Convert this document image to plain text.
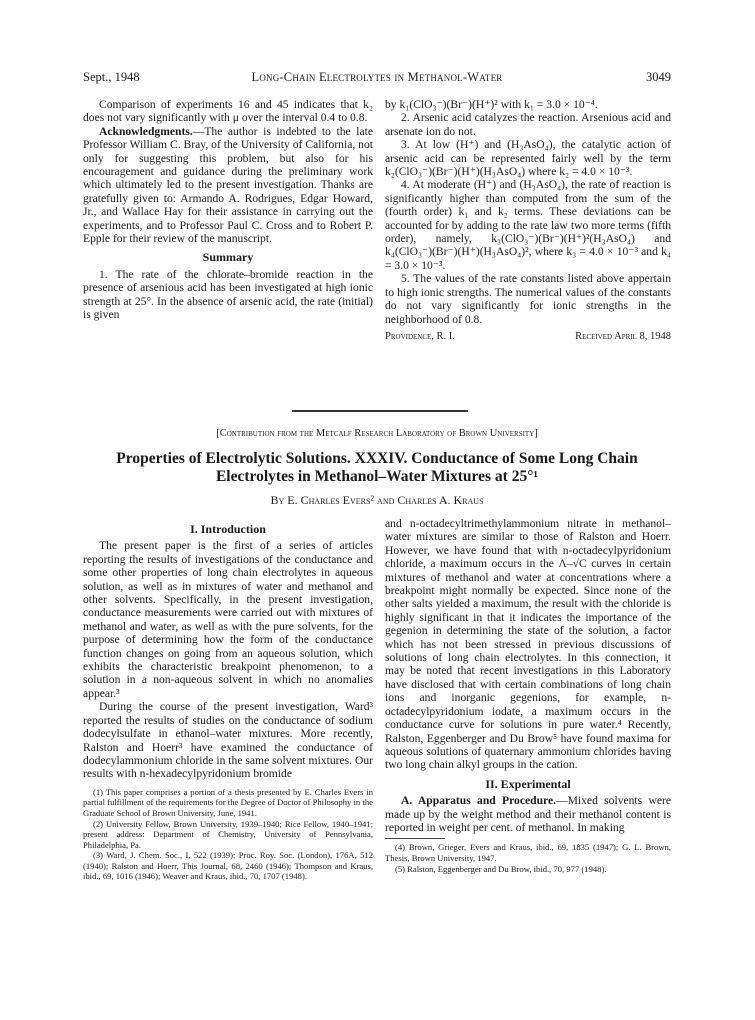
Sept., 1948	Long-Chain Electrolytes in Methanol-Water	3049

Comparison of experiments 16 and 45 indicates that k₂ does not vary significantly with μ over the interval 0.4 to 0.8.

Acknowledgments.—The author is indebted to the late Professor William C. Bray, of the University of California, not only for suggesting this problem, but also for his encouragement and guidance during the preliminary work which ultimately led to the present investigation. Thanks are gratefully given to: Armando A. Rodrigues, Edgar Howard, Jr., and Wallace Hay for their assistance in carrying out the experiments, and to Professor Paul C. Cross and to Robert P. Epple for their review of the manuscript.

Summary

1. The rate of the chlorate–bromide reaction in the presence of arsenious acid has been investigated at high ionic strength at 25°. In the absence of arsenic acid, the rate (initial) is given

by k₁(ClO₃⁻)(Br⁻)(H⁺)² with k₁ = 3.0 × 10⁻⁴.

2. Arsenic acid catalyzes the reaction. Arsenious acid and arsenate ion do not.

3. At low (H⁺) and (H₃AsO₄), the catalytic action of arsenic acid can be represented fairly well by the term k₂(ClO₃⁻)(Br⁻)(H⁺)(H₃AsO₄) where k₂ = 4.0 × 10⁻³.

4. At moderate (H⁺) and (H₃AsO₄), the rate of reaction is significantly higher than computed from the sum of the (fourth order) k₁ and k₂ terms. These deviations can be accounted for by adding to the rate law two more terms (fifth order), namely, k₃(ClO₃⁻)(Br⁻)(H⁺)²(H₃AsO₄) and k₄(ClO₃⁻)(Br⁻)(H⁺)(H₃AsO₄)², where k₃ = 4.0 × 10⁻³ and k₄ = 3.0 × 10⁻³.

5. The values of the rate constants listed above appertain to high ionic strengths. The numerical values of the constants do not vary significantly for ionic strengths in the neighborhood of 0.8.

Providence, R. I.	Received April 8, 1948
[Contribution from the Metcalf Research Laboratory of Brown University]
Properties of Electrolytic Solutions. XXXIV. Conductance of Some Long Chain Electrolytes in Methanol–Water Mixtures at 25°¹
By E. Charles Evers² and Charles A. Kraus
I. Introduction

The present paper is the first of a series of articles reporting the results of investigations of the conductance and some other properties of long chain electrolytes in aqueous solution, as well as in mixtures of water and methanol and other solvents. Specifically, in the present investigation, conductance measurements were carried out with mixtures of methanol and water, as well as with the pure solvents, for the purpose of determining how the form of the conductance function changes on going from an aqueous solution, which exhibits the characteristic breakpoint phenomenon, to a solution in a non-aqueous solvent in which no anomalies appear.³

During the course of the present investigation, Ward³ reported the results of studies on the conductance of sodium dodecylsulfate in ethanol–water mixtures. More recently, Ralston and Hoerr³ have examined the conductance of dodecylammonium chloride in the same solvent mixtures. Our results with n-hexadecylpyridonium bromide

(1) This paper comprises a portion of a thesis presented by E. Charles Evers in partial fulfillment of the requirements for the Degree of Doctor of Philosophy in the Graduate School of Brown University, June, 1941.

(2) University Fellow, Brown University, 1939–1940; Rice Fellow, 1940–1941; present address: Department of Chemistry, University of Pennsylvania, Philadelphia, Pa.

(3) Ward, J. Chem. Soc., I, 522 (1939); Proc. Roy. Soc. (London), 176A, 512 (1940); Ralston and Hoerr, This Journal, 68, 2460 (1946); Thompson and Kraus, ibid., 69, 1016 (1946); Weaver and Kraus, ibid., 70, 1707 (1948).

and n-octadecyltrimethylammonium nitrate in methanol–water mixtures are similar to those of Ralston and Hoerr. However, we have found that with n-octadecylpyridonium chloride, a maximum occurs in the Λ–√C curves in certain mixtures of methanol and water at concentrations where a breakpoint might normally be expected. Since none of the other salts yielded a maximum, the result with the chloride is highly significant in that it indicates the importance of the gegenion in determining the state of the solution, a factor which has not been stressed in previous discussions of solutions of long chain electrolytes. In this connection, it may be noted that recent investigations in this Laboratory have disclosed that with certain combinations of long chain ions and inorganic gegenions, for example, n-octadecylpyridonium iodate, a maximum occurs in the conductance curve for solutions in pure water.⁴ Recently, Ralston, Eggenberger and Du Brow⁵ have found maxima for aqueous solutions of quaternary ammonium chlorides having two long chain alkyl groups in the cation.

II. Experimental

A. Apparatus and Procedure.—Mixed solvents were made up by the weight method and their methanol content is reported in weight per cent. of methanol. In making

(4) Brown, Grieger, Evers and Kraus, ibid., 69, 1835 (1947); G. L. Brown, Thesis, Brown University, 1947.

(5) Ralston, Eggenberger and Du Brow, ibid., 70, 977 (1948).
